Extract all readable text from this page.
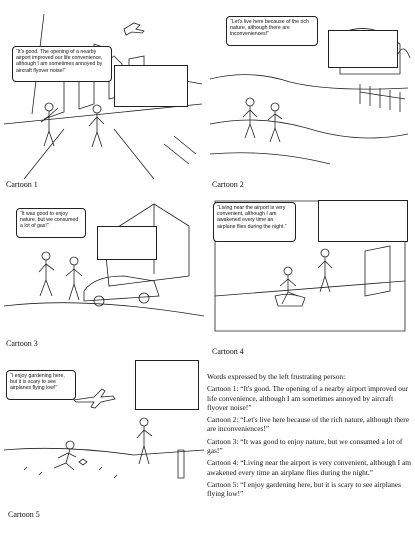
“It's good. The opening of a nearby airport improved our life convenience, although I am sometimes annoyed by aircraft flyover noise!”
Cartoon 1
“Let's live here because of the rich nature, although there are inconveniences!”
Cartoon 2
“It was good to enjoy nature, but we consumed a lot of gas!”
Cartoon 3
“Living near the airport is very convenient, although I am awakened every time an airplane flies during the night.”
Cartoon 4
“I enjoy gardening here, but it is scary to see airplanes flying low!”
Cartoon 5

Words expressed by the left frustrating person:

Cartoon 1: “It's good. The opening of a nearby airport improved our life convenience, although I am sometimes annoyed by aircraft flyover noise!”

Cartoon 2: “Let's live here because of the rich nature, although there are inconveniences!”

Cartoon 3: “It was good to enjoy nature, but we consumed a lot of gas!”

Cartoon 4: “Living near the airport is very convenient, although I am awakened every time an airplane flies during the night.”

Cartoon 5: “I enjoy gardening here, but it is scary to see airplanes flying low!”
